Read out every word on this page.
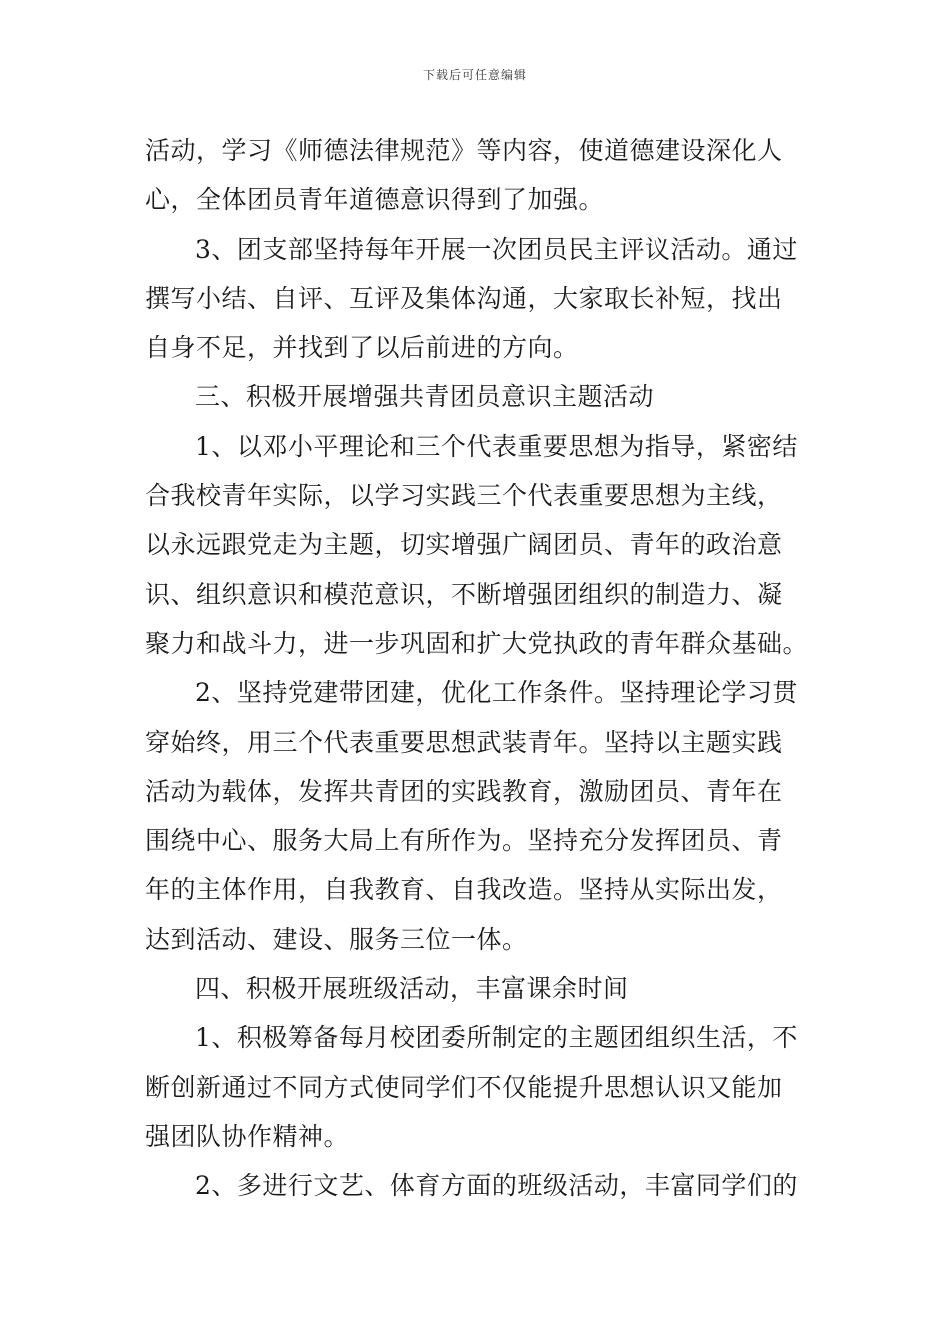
下载后可任意编辑
活动，学习《师德法律规范》等内容，使道德建设深化人
心，全体团员青年道德意识得到了加强。
3、团支部坚持每年开展一次团员民主评议活动。通过
撰写小结、自评、互评及集体沟通，大家取长补短，找出
自身不足，并找到了以后前进的方向。
三、积极开展增强共青团员意识主题活动
1、以邓小平理论和三个代表重要思想为指导，紧密结
合我校青年实际，以学习实践三个代表重要思想为主线，
以永远跟党走为主题，切实增强广阔团员、青年的政治意
识、组织意识和模范意识，不断增强团组织的制造力、凝
聚力和战斗力，进一步巩固和扩大党执政的青年群众基础。
2、坚持党建带团建，优化工作条件。坚持理论学习贯
穿始终，用三个代表重要思想武装青年。坚持以主题实践
活动为载体，发挥共青团的实践教育，激励团员、青年在
围绕中心、服务大局上有所作为。坚持充分发挥团员、青
年的主体作用，自我教育、自我改造。坚持从实际出发，
达到活动、建设、服务三位一体。
四、积极开展班级活动，丰富课余时间
1、积极筹备每月校团委所制定的主题团组织生活，不
断创新通过不同方式使同学们不仅能提升思想认识又能加
强团队协作精神。
2、多进行文艺、体育方面的班级活动，丰富同学们的
